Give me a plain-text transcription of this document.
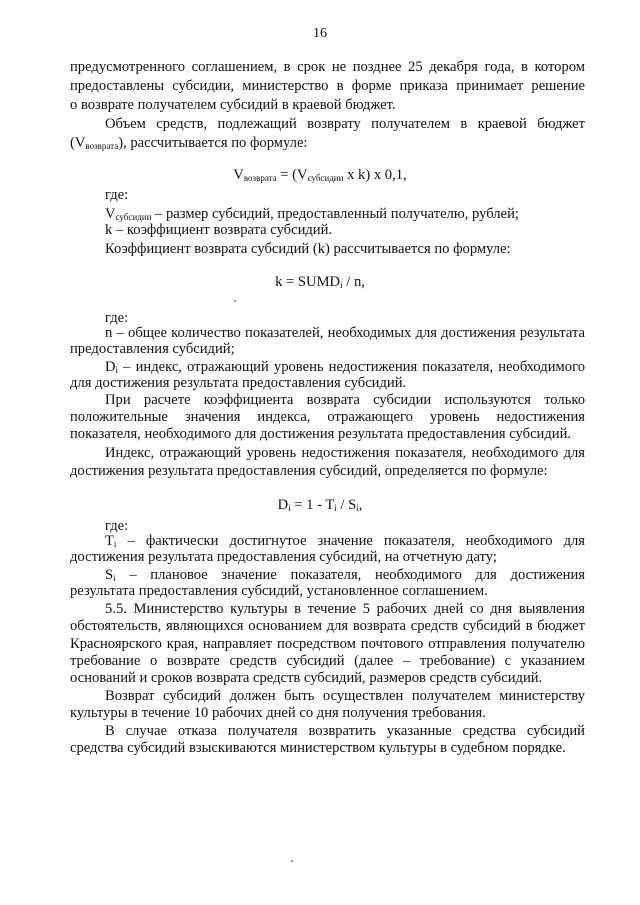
16
предусмотренного соглашением, в срок не позднее 25 декабря года, в котором
предоставлены субсидии, министерство в форме приказа принимает решение
о возврате получателем субсидий в краевой бюджет.
Объем средств, подлежащий возврату получателем в краевой бюджет
$(V_{возврата})$, рассчитывается по формуле:
$V_{возврата} = (V_{субсидии}$ x k) x 0,1,
где:
$V_{субсидии}$ – размер субсидий, предоставленный получателю, рублей;
k – коэффициент возврата субсидий.
Коэффициент возврата субсидий (k) рассчитывается по формуле:
$k = SUMD_i / n$,
где:
n – общее количество показателей, необходимых для достижения результата
предоставления субсидий;
$D_i$ – индекс, отражающий уровень недостижения показателя, необходимого
для достижения результата предоставления субсидий.
При расчете коэффициента возврата субсидии используются только
положительные значения индекса, отражающего уровень недостижения
показателя, необходимого для достижения результата предоставления субсидий.
Индекс, отражающий уровень недостижения показателя, необходимого для
достижения результата предоставления субсидий, определяется по формуле:
$D_i = 1 - T_i / S_i$,
где:
$T_i$ – фактически достигнутое значение показателя, необходимого для
достижения результата предоставления субсидий, на отчетную дату;
$S_i$ – плановое значение показателя, необходимого для достижения
результата предоставления субсидий, установленное соглашением.
5.5. Министерство культуры в течение 5 рабочих дней со дня выявления
обстоятельств, являющихся основанием для возврата средств субсидий в бюджет
Красноярского края, направляет посредством почтового отправления получателю
требование о возврате средств субсидий (далее – требование) с указанием
оснований и сроков возврата средств субсидий, размеров средств субсидий.
Возврат субсидий должен быть осуществлен получателем министерству
культуры в течение 10 рабочих дней со дня получения требования.
В случае отказа получателя возвратить указанные средства субсидий
средства субсидий взыскиваются министерством культуры в судебном порядке.
